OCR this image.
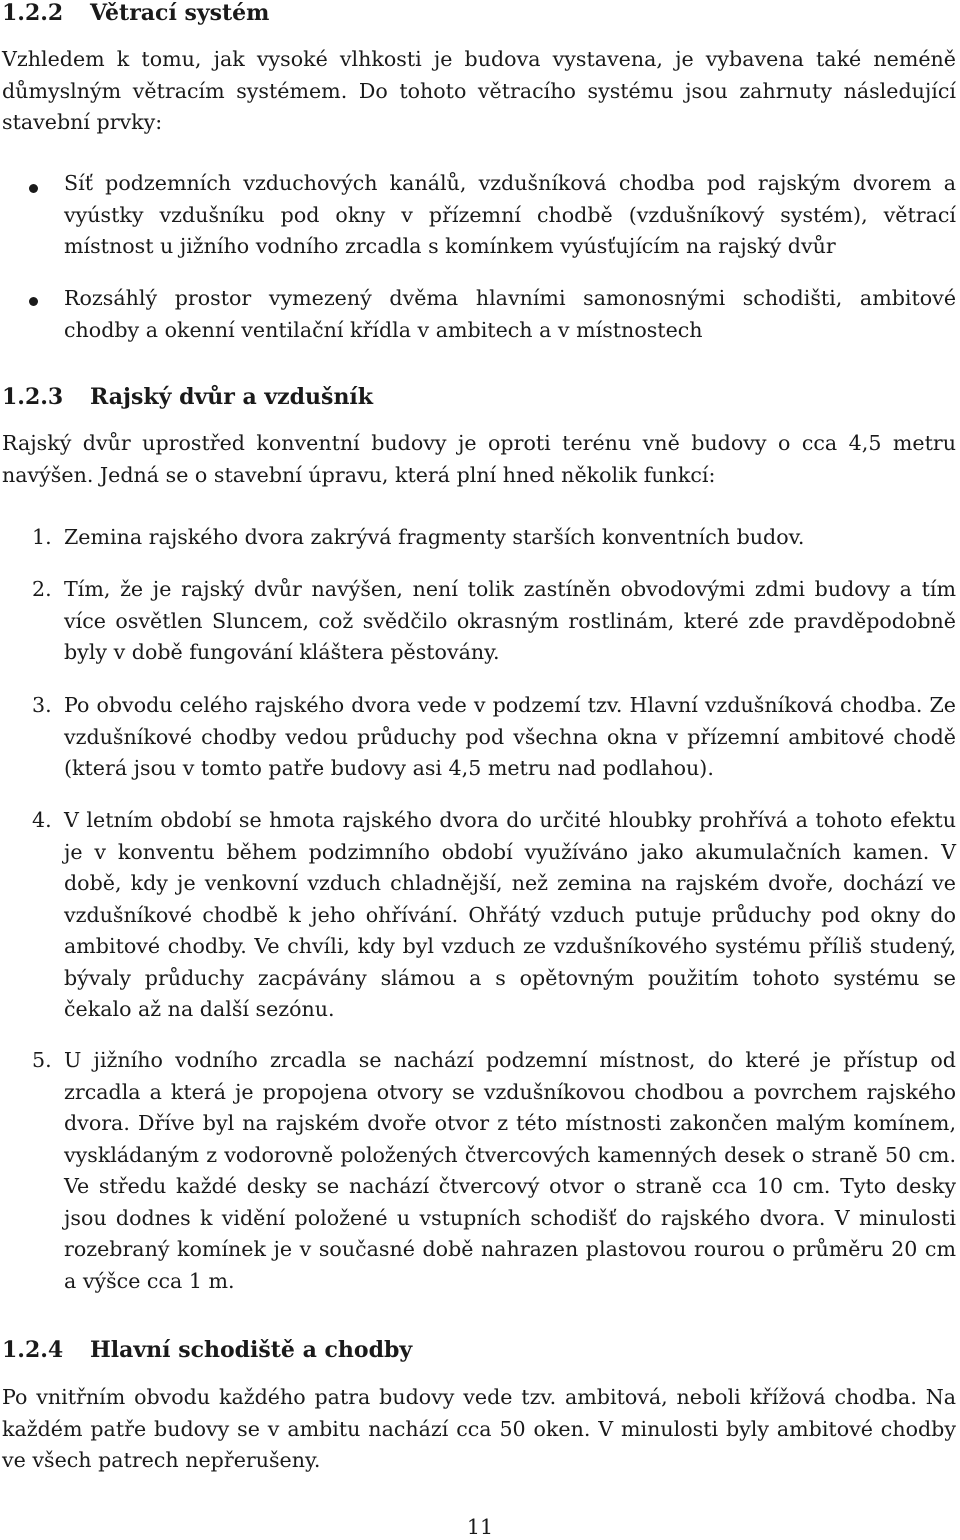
1.2.2 Větrací systém

Vzhledem k tomu, jak vysoké vlhkosti je budova vystavena, je vybavena také neméně důmyslným větracím systémem. Do tohoto větracího systému jsou zahrnuty následující stavební prvky:

Síť podzemních vzduchových kanálů, vzdušníková chodba pod rajským dvorem a vyústky vzdušníku pod okny v přízemní chodbě (vzdušníkový systém), větrací místnost u jižního vodního zrcadla s komínkem vyúsťujícím na rajský dvůr

Rozsáhlý prostor vymezený dvěma hlavními samonosnými schodišti, ambitové chodby a okenní ventilační křídla v ambitech a v místnostech

1.2.3 Rajský dvůr a vzdušník

Rajský dvůr uprostřed konventní budovy je oproti terénu vně budovy o cca 4,5 metru navýšen. Jedná se o stavební úpravu, která plní hned několik funkcí:

1. Zemina rajského dvora zakrývá fragmenty starších konventních budov.

2. Tím, že je rajský dvůr navýšen, není tolik zastíněn obvodovými zdmi budovy a tím více osvětlen Sluncem, což svědčilo okrasným rostlinám, které zde pravděpodobně byly v době fungování kláštera pěstovány.

3. Po obvodu celého rajského dvora vede v podzemí tzv. Hlavní vzdušníková chodba. Ze vzdušníkové chodby vedou průduchy pod všechna okna v přízemní ambitové chodě (která jsou v tomto patře budovy asi 4,5 metru nad podlahou).

4. V letním období se hmota rajského dvora do určité hloubky prohřívá a tohoto efektu je v konventu během podzimního období využíváno jako akumulačních kamen. V době, kdy je venkovní vzduch chladnější, než zemina na rajském dvoře, dochází ve vzdušníkové chodbě k jeho ohřívání. Ohřátý vzduch putuje průduchy pod okny do ambitové chodby. Ve chvíli, kdy byl vzduch ze vzdušníkového systému příliš studený, bývaly průduchy zacpávány slámou a s opětovným použitím tohoto systému se čekalo až na další sezónu.

5. U jižního vodního zrcadla se nachází podzemní místnost, do které je přístup od zrcadla a která je propojena otvory se vzdušníkovou chodbou a povrchem rajského dvora. Dříve byl na rajském dvoře otvor z této místnosti zakončen malým komínem, vyskládaným z vodorovně položených čtvercových kamenných desek o straně 50 cm. Ve středu každé desky se nachází čtvercový otvor o straně cca 10 cm. Tyto desky jsou dodnes k vidění položené u vstupních schodišť do rajského dvora. V minulosti rozebraný komínek je v současné době nahrazen plastovou rourou o průměru 20 cm a výšce cca 1 m.

1.2.4 Hlavní schodiště a chodby

Po vnitřním obvodu každého patra budovy vede tzv. ambitová, neboli křížová chodba. Na každém patře budovy se v ambitu nachází cca 50 oken. V minulosti byly ambitové chodby ve všech patrech nepřerušeny.

11
